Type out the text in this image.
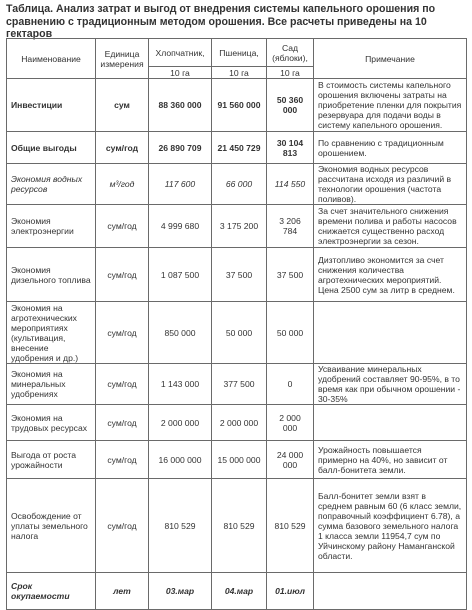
Таблица. Анализ затрат и выгод от внедрения системы капельного орошения по сравнению с традиционным методом орошения. Все расчеты приведены на 10 гектаров
Наименование	Единица измерения	Хлопчатник,	Пшеница,	Сад (яблоки),	Примечание
		10 га	10 га	10 га	
Инвестиции	сум	88 360 000	91 560 000	50 360 000	В стоимость системы капельного орошения включены затраты на приобретение пленки для покрытия резервуара для подачи воды в систему капельного орошения.
Общие выгоды	сум/год	26 890 709	21 450 729	30 104 813	По сравнению с традиционным орошением.
Экономия водных ресурсов	м³/год	117 600	66 000	114 550	Экономия водных ресурсов рассчитана исходя из различий в технологии орошения (частота поливов).
Экономия электроэнергии	сум/год	4 999 680	3 175 200	3 206 784	За счет значительного снижения времени полива и работы насосов снижается существенно расход электроэнергии за сезон.
Экономия дизельного топлива	сум/год	1 087 500	37 500	37 500	Дизтопливо экономится за счет снижения количества агротехнических мероприятий. Цена 2500 сум за литр в среднем.
Экономия на агротехнических мероприятиях (культивация, внесение удобрения и др.)	сум/год	850 000	50 000	50 000	
Экономия на минеральных удобрениях	сум/год	1 143 000	377 500	0	Усваивание минеральных удобрений составляет 90-95%, в то время как при обычном орошении - 30-35%
Экономия на трудовых ресурсах	сум/год	2 000 000	2 000 000	2 000 000	
Выгода от роста урожайности	сум/год	16 000 000	15 000 000	24 000 000	Урожайность повышается примерно на 40%, но зависит от балл-бонитета земли.
Освобождение от уплаты земельного налога	сум/год	810 529	810 529	810 529	Балл-бонитет земли взят в среднем равным 60 (6 класс земли, поправочный коэффициент 6.78), а сумма базового земельного налога 1 класса земли 11954,7 сум по Уйчинскому району Наманганской области.
Срок окупаемости	лет	03.мар	04.мар	01.июл	
